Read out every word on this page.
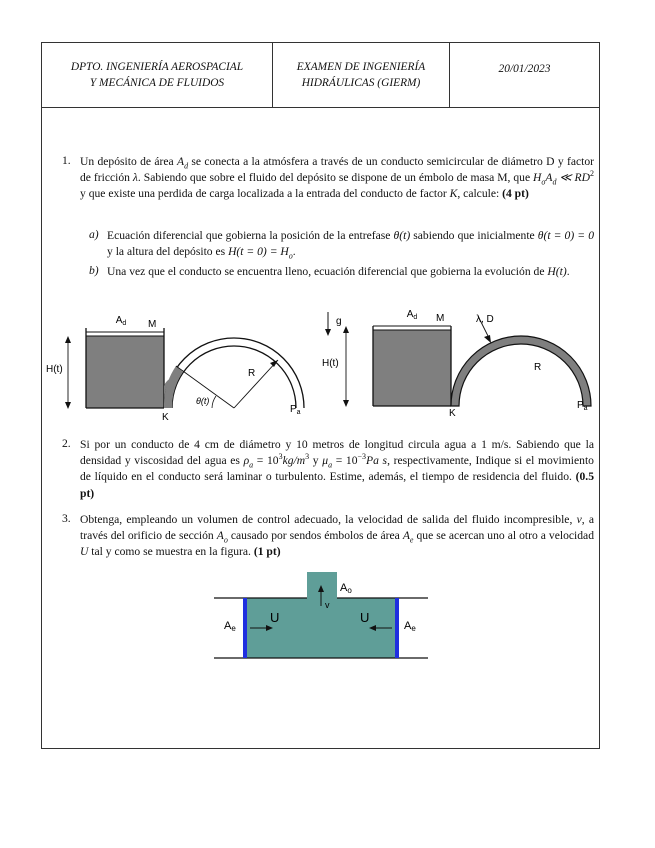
DPTO. INGENIERÍA AEROSPACIAL
Y MECÁNICA DE FLUIDOS
EXAMEN DE INGENIERÍA
HIDRÁULICAS (GIERM)
20/01/2023
1. Un depósito de área $A_d$ se conecta a la atmósfera a través de un conducto semicircular de diámetro D y factor de fricción λ. Sabiendo que sobre el fluido del depósito se dispone de un émbolo de masa M, que $H_oA_d$ ≪ $RD^2$ y que existe una perdida de carga localizada a la entrada del conducto de factor K, calcule: (4 pt)
a) Ecuación diferencial que gobierna la posición de la entrefase θ(t) sabiendo que inicialmente θ(t = 0) = 0 y la altura del depósito es $H(t = 0) = H_o$.
b) Una vez que el conducto se encuentra lleno, ecuación diferencial que gobierna la evolución de H(t).
$A_d$ M
H(t)	R
θ(t)
K
$P_a$
g
$A_d$ M	λ, D
H(t)	R
K
$P_a$
2. Si por un conducto de 4 cm de diámetro y 10 metros de longitud circula agua a 1 m/s. Sabiendo que la densidad y viscosidad del agua es $\rho_a = 10^3kg/m^3$ y $\mu_a = 10^{-3}Pa$ s, respectivamente, Indique si el movimiento de líquido en el conducto será laminar o turbulento. Estime, además, el tiempo de residencia del fluido. (0.5 pt)
3. Obtenga, empleando un volumen de control adecuado, la velocidad de salida del fluido incompresible, v, a través del orificio de sección $A_o$ causado por sendos émbolos de área $A_e$ que se acercan uno al otro a velocidad U tal y como se muestra en la figura. (1 pt)
Ao
v
U	U
Ae	Ae
